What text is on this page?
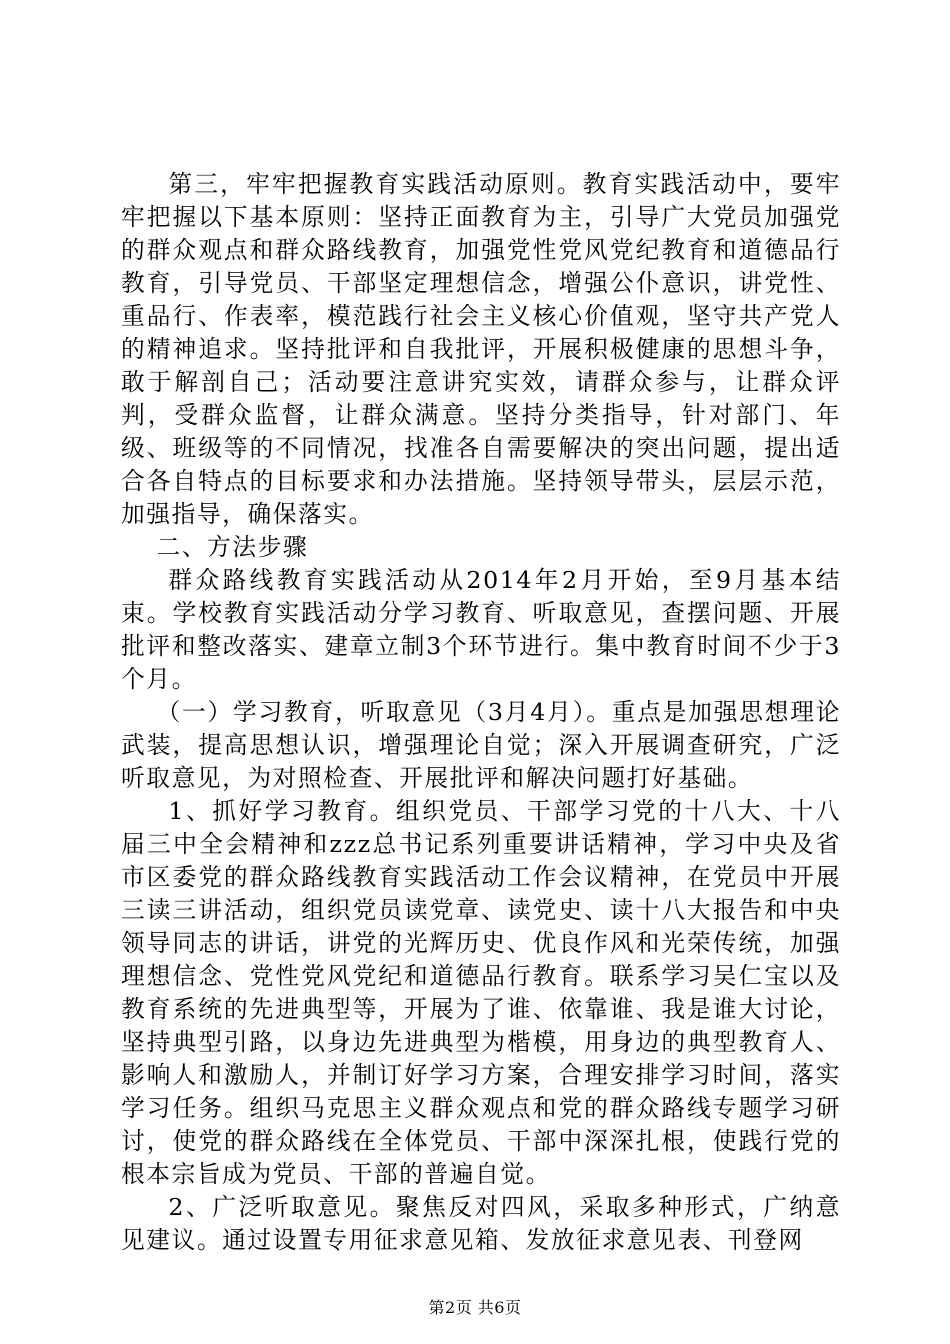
第三，牢牢把握教育实践活动原则。教育实践活动中，要牢牢把握以下基本原则：坚持正面教育为主，引导广大党员加强党的群众观点和群众路线教育，加强党性党风党纪教育和道德品行教育，引导党员、干部坚定理想信念，增强公仆意识，讲党性、重品行、作表率，模范践行社会主义核心价值观，坚守共产党人的精神追求。坚持批评和自我批评，开展积极健康的思想斗争，敢于解剖自己；活动要注意讲究实效，请群众参与，让群众评判，受群众监督，让群众满意。坚持分类指导，针对部门、年级、班级等的不同情况，找准各自需要解决的突出问题，提出适合各自特点的目标要求和办法措施。坚持领导带头，层层示范，加强指导，确保落实。

二、方法步骤

群众路线教育实践活动从2014年2月开始，至9月基本结束。学校教育实践活动分学习教育、听取意见，查摆问题、开展批评和整改落实、建章立制3个环节进行。集中教育时间不少于3个月。

（一）学习教育，听取意见（3月4月）。重点是加强思想理论武装，提高思想认识，增强理论自觉；深入开展调查研究，广泛听取意见，为对照检查、开展批评和解决问题打好基础。

1、抓好学习教育。组织党员、干部学习党的十八大、十八届三中全会精神和zzz总书记系列重要讲话精神，学习中央及省市区委党的群众路线教育实践活动工作会议精神，在党员中开展三读三讲活动，组织党员读党章、读党史、读十八大报告和中央领导同志的讲话，讲党的光辉历史、优良作风和光荣传统，加强理想信念、党性党风党纪和道德品行教育。联系学习吴仁宝以及教育系统的先进典型等，开展为了谁、依靠谁、我是谁大讨论，坚持典型引路，以身边先进典型为楷模，用身边的典型教育人、影响人和激励人，并制订好学习方案，合理安排学习时间，落实学习任务。组织马克思主义群众观点和党的群众路线专题学习研讨，使党的群众路线在全体党员、干部中深深扎根，使践行党的根本宗旨成为党员、干部的普遍自觉。

2、广泛听取意见。聚焦反对四风，采取多种形式，广纳意见建议。通过设置专用征求意见箱、发放征求意见表、刊登网

第2页 共6页
